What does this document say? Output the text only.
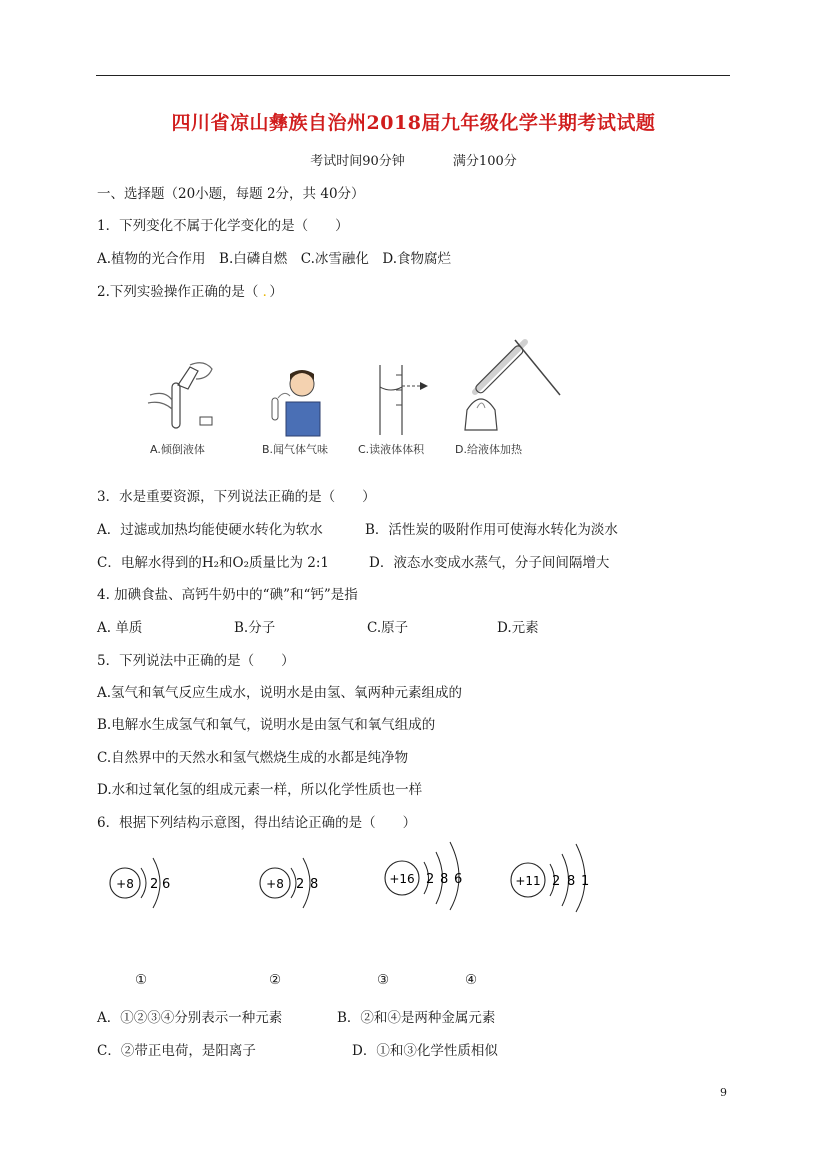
四川省凉山彝族自治州2018届九年级化学半期考试试题
考试时间90分钟	满分100分
一、选择题（20小题，每题 2分，共 40分）
1．下列变化不属于化学变化的是（　　）
A.植物的光合作用　B.白磷自燃　C.冰雪融化　D.食物腐烂
2.下列实验操作正确的是（ ．）
A.倾倒液体	B.闻气体气味	C.读液体体积	D.给液体加热
3．水是重要资源，下列说法正确的是（　　）
A．过滤或加热均能使硬水转化为软水	B．活性炭的吸附作用可使海水转化为淡水
C．电解水得到的H₂和O₂质量比为 2:1	D．液态水变成水蒸气，分子间间隔增大
4. 加碘食盐、高钙牛奶中的“碘”和“钙”是指
A. 单质	B.分子	C.原子	D.元素
5．下列说法中正确的是（　　）
A.氢气和氧气反应生成水，说明水是由氢、氧两种元素组成的
B.电解水生成氢气和氧气，说明水是由氢气和氧气组成的
C.自然界中的天然水和氢气燃烧生成的水都是纯净物
D.水和过氧化氢的组成元素一样，所以化学性质也一样
6．根据下列结构示意图，得出结论正确的是（　　）
+8 2 6	+8 2 8	+16 2 8 6	+11 2 8 1
①	②	③	④
A．①②③④分别表示一种元素	B．②和④是两种金属元素
C．②带正电荷，是阳离子	D．①和③化学性质相似
9
